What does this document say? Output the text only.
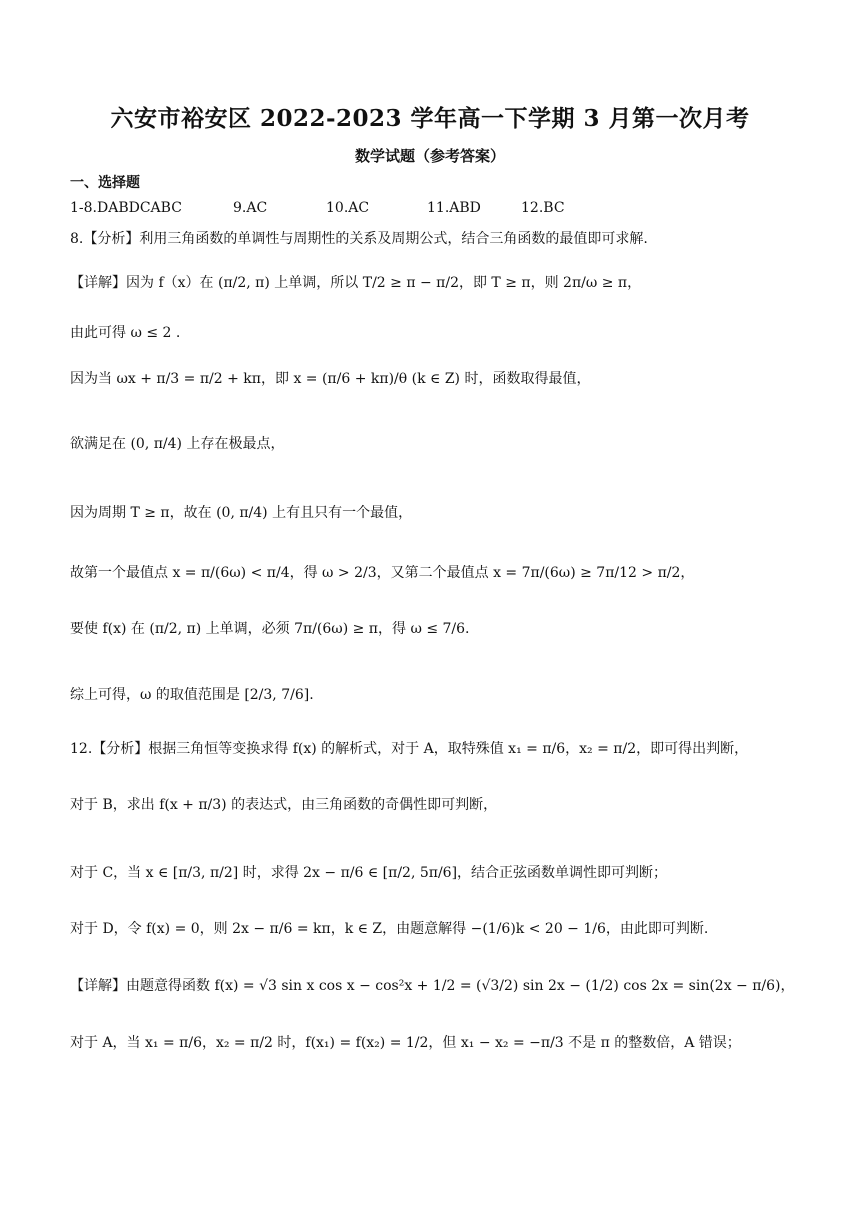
六安市裕安区 2022-2023 学年高一下学期 3 月第一次月考
数学试题（参考答案）
一、选择题
1-8.DABDCABC	9.AC	10.AC	11.ABD	12.BC
8.【分析】利用三角函数的单调性与周期性的关系及周期公式，结合三角函数的最值即可求解.
【详解】因为 f（x）在 (π/2, π) 上单调，所以 T/2 ≥ π − π/2，即 T ≥ π，则 2π/ω ≥ π，
由此可得 ω ≤ 2 .
因为当 ωx + π/3 = π/2 + kπ，即 x = (π/6 + kπ)/θ (k ∈ Z) 时，函数取得最值，
欲满足在 (0, π/4) 上存在极最点，
因为周期 T ≥ π，故在 (0, π/4) 上有且只有一个最值，
故第一个最值点 x = π/(6ω) < π/4，得 ω > 2/3，又第二个最值点 x = 7π/(6ω) ≥ 7π/12 > π/2，
要使 f(x) 在 (π/2, π) 上单调，必须 7π/(6ω) ≥ π，得 ω ≤ 7/6.
综上可得，ω 的取值范围是 [2/3, 7/6].
12.【分析】根据三角恒等变换求得 f(x) 的解析式，对于 A，取特殊值 x₁ = π/6，x₂ = π/2，即可得出判断，
对于 B，求出 f(x + π/3) 的表达式，由三角函数的奇偶性即可判断，
对于 C，当 x ∈ [π/3, π/2] 时，求得 2x − π/6 ∈ [π/2, 5π/6]，结合正弦函数单调性即可判断；
对于 D，令 f(x) = 0，则 2x − π/6 = kπ，k ∈ Z，由题意解得 −(1/6)k < 20 − 1/6，由此即可判断.
【详解】由题意得函数 f(x) = √3 sin x cos x − cos²x + 1/2 = (√3/2) sin 2x − (1/2) cos 2x = sin(2x − π/6)，
对于 A，当 x₁ = π/6，x₂ = π/2 时，f(x₁) = f(x₂) = 1/2，但 x₁ − x₂ = −π/3 不是 π 的整数倍，A 错误；
